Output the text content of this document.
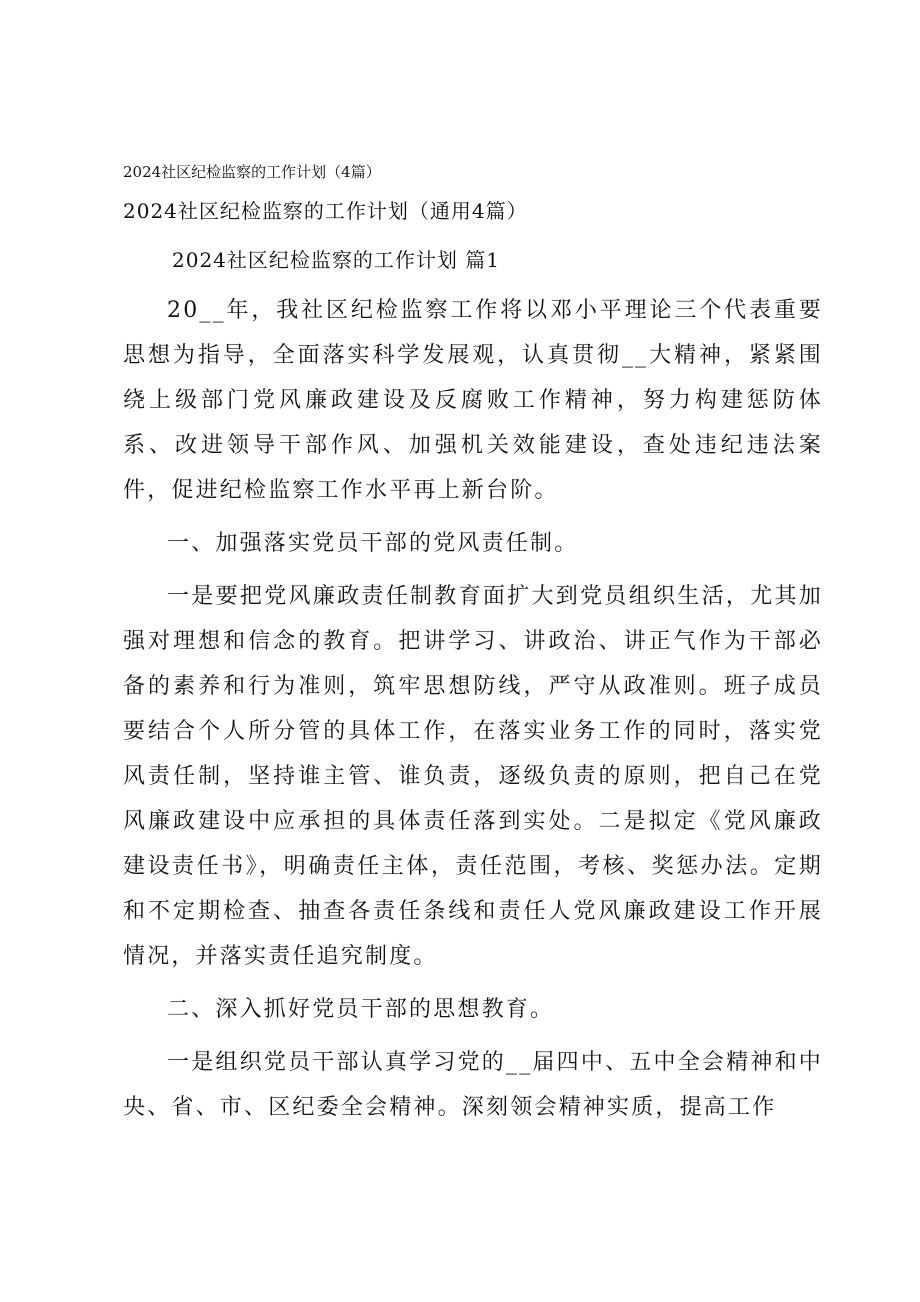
2024社区纪检监察的工作计划（4篇）
2024社区纪检监察的工作计划（通用4篇）
2024社区纪检监察的工作计划 篇1

20__年，我社区纪检监察工作将以邓小平理论三个代表重要思想为指导，全面落实科学发展观，认真贯彻__大精神，紧紧围绕上级部门党风廉政建设及反腐败工作精神，努力构建惩防体系、改进领导干部作风、加强机关效能建设，查处违纪违法案件，促进纪检监察工作水平再上新台阶。

一、加强落实党员干部的党风责任制。

一是要把党风廉政责任制教育面扩大到党员组织生活，尤其加强对理想和信念的教育。把讲学习、讲政治、讲正气作为干部必备的素养和行为准则，筑牢思想防线，严守从政准则。班子成员要结合个人所分管的具体工作，在落实业务工作的同时，落实党风责任制，坚持谁主管、谁负责，逐级负责的原则，把自己在党风廉政建设中应承担的具体责任落到实处。二是拟定《党风廉政建设责任书》，明确责任主体，责任范围，考核、奖惩办法。定期和不定期检查、抽查各责任条线和责任人党风廉政建设工作开展情况，并落实责任追究制度。

二、深入抓好党员干部的思想教育。

一是组织党员干部认真学习党的__届四中、五中全会精神和中央、省、市、区纪委全会精神。深刻领会精神实质，提高工作
